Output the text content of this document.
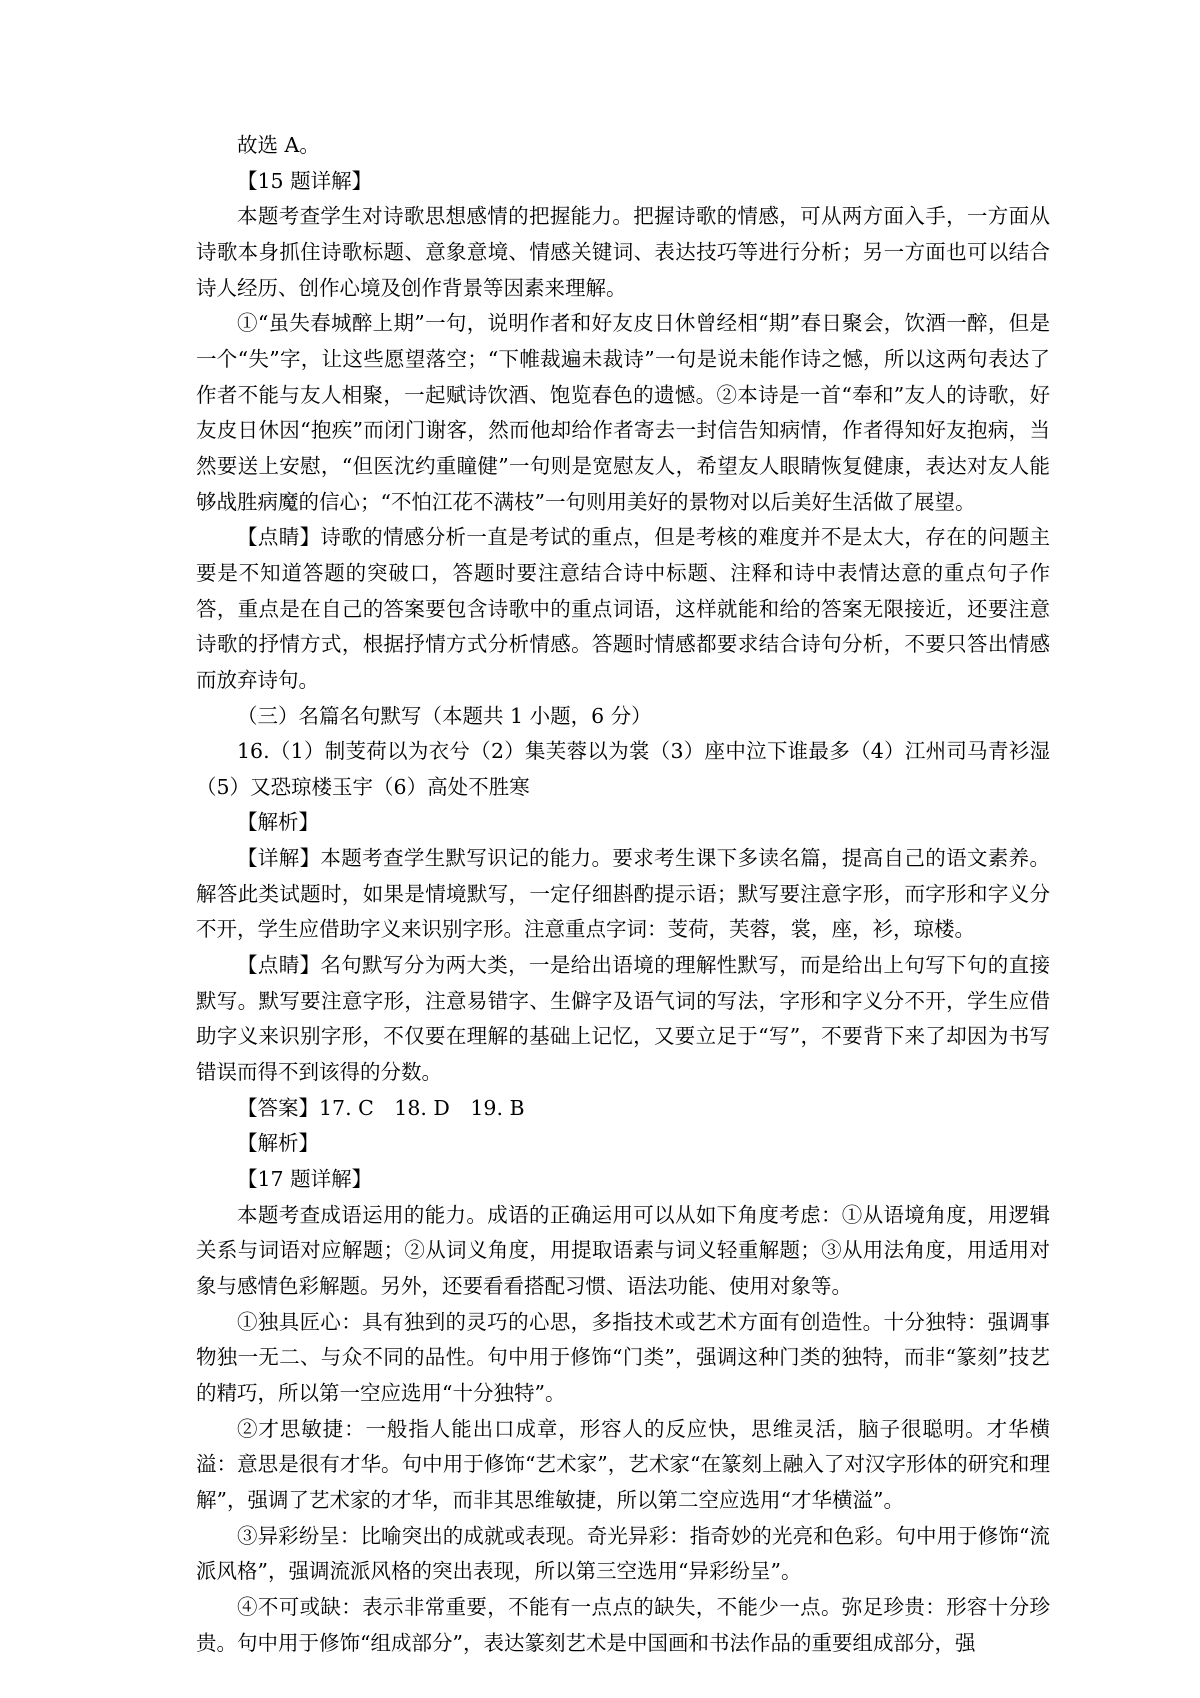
故选 A。

【15 题详解】

本题考查学生对诗歌思想感情的把握能力。把握诗歌的情感，可从两方面入手，一方面从诗歌本身抓住诗歌标题、意象意境、情感关键词、表达技巧等进行分析；另一方面也可以结合诗人经历、创作心境及创作背景等因素来理解。

①“虽失春城醉上期”一句，说明作者和好友皮日休曾经相“期”春日聚会，饮酒一醉，但是一个“失”字，让这些愿望落空；“下帷裁遍未裁诗”一句是说未能作诗之憾，所以这两句表达了作者不能与友人相聚，一起赋诗饮酒、饱览春色的遗憾。②本诗是一首“奉和”友人的诗歌，好友皮日休因“抱疾”而闭门谢客，然而他却给作者寄去一封信告知病情，作者得知好友抱病，当然要送上安慰，“但医沈约重瞳健”一句则是宽慰友人，希望友人眼睛恢复健康，表达对友人能够战胜病魔的信心；“不怕江花不满枝”一句则用美好的景物对以后美好生活做了展望。

【点睛】诗歌的情感分析一直是考试的重点，但是考核的难度并不是太大，存在的问题主要是不知道答题的突破口，答题时要注意结合诗中标题、注释和诗中表情达意的重点句子作答，重点是在自己的答案要包含诗歌中的重点词语，这样就能和给的答案无限接近，还要注意诗歌的抒情方式，根据抒情方式分析情感。答题时情感都要求结合诗句分析，不要只答出情感而放弃诗句。

（三）名篇名句默写（本题共 1 小题，6 分）

16.（1）制芰荷以为衣兮（2）集芙蓉以为裳（3）座中泣下谁最多（4）江州司马青衫湿（5）又恐琼楼玉宇（6）高处不胜寒

【解析】

【详解】本题考查学生默写识记的能力。要求考生课下多读名篇，提高自己的语文素养。解答此类试题时，如果是情境默写，一定仔细斟酌提示语；默写要注意字形，而字形和字义分不开，学生应借助字义来识别字形。注意重点字词：芰荷，芙蓉，裳，座，衫，琼楼。

【点睛】名句默写分为两大类，一是给出语境的理解性默写，而是给出上句写下句的直接默写。默写要注意字形，注意易错字、生僻字及语气词的写法，字形和字义分不开，学生应借助字义来识别字形，不仅要在理解的基础上记忆，又要立足于“写”，不要背下来了却因为书写错误而得不到该得的分数。

【答案】17. C　18. D　19. B

【解析】

【17 题详解】

本题考查成语运用的能力。成语的正确运用可以从如下角度考虑：①从语境角度，用逻辑关系与词语对应解题；②从词义角度，用提取语素与词义轻重解题；③从用法角度，用适用对象与感情色彩解题。另外，还要看看搭配习惯、语法功能、使用对象等。

①独具匠心：具有独到的灵巧的心思，多指技术或艺术方面有创造性。十分独特：强调事物独一无二、与众不同的品性。句中用于修饰“门类”，强调这种门类的独特，而非“篆刻”技艺的精巧，所以第一空应选用“十分独特”。

②才思敏捷：一般指人能出口成章，形容人的反应快，思维灵活，脑子很聪明。才华横溢：意思是很有才华。句中用于修饰“艺术家”，艺术家“在篆刻上融入了对汉字形体的研究和理解”，强调了艺术家的才华，而非其思维敏捷，所以第二空应选用“才华横溢”。

③异彩纷呈：比喻突出的成就或表现。奇光异彩：指奇妙的光亮和色彩。句中用于修饰“流派风格”，强调流派风格的突出表现，所以第三空选用“异彩纷呈”。

④不可或缺：表示非常重要，不能有一点点的缺失，不能少一点。弥足珍贵：形容十分珍贵。句中用于修饰“组成部分”，表达篆刻艺术是中国画和书法作品的重要组成部分，强
